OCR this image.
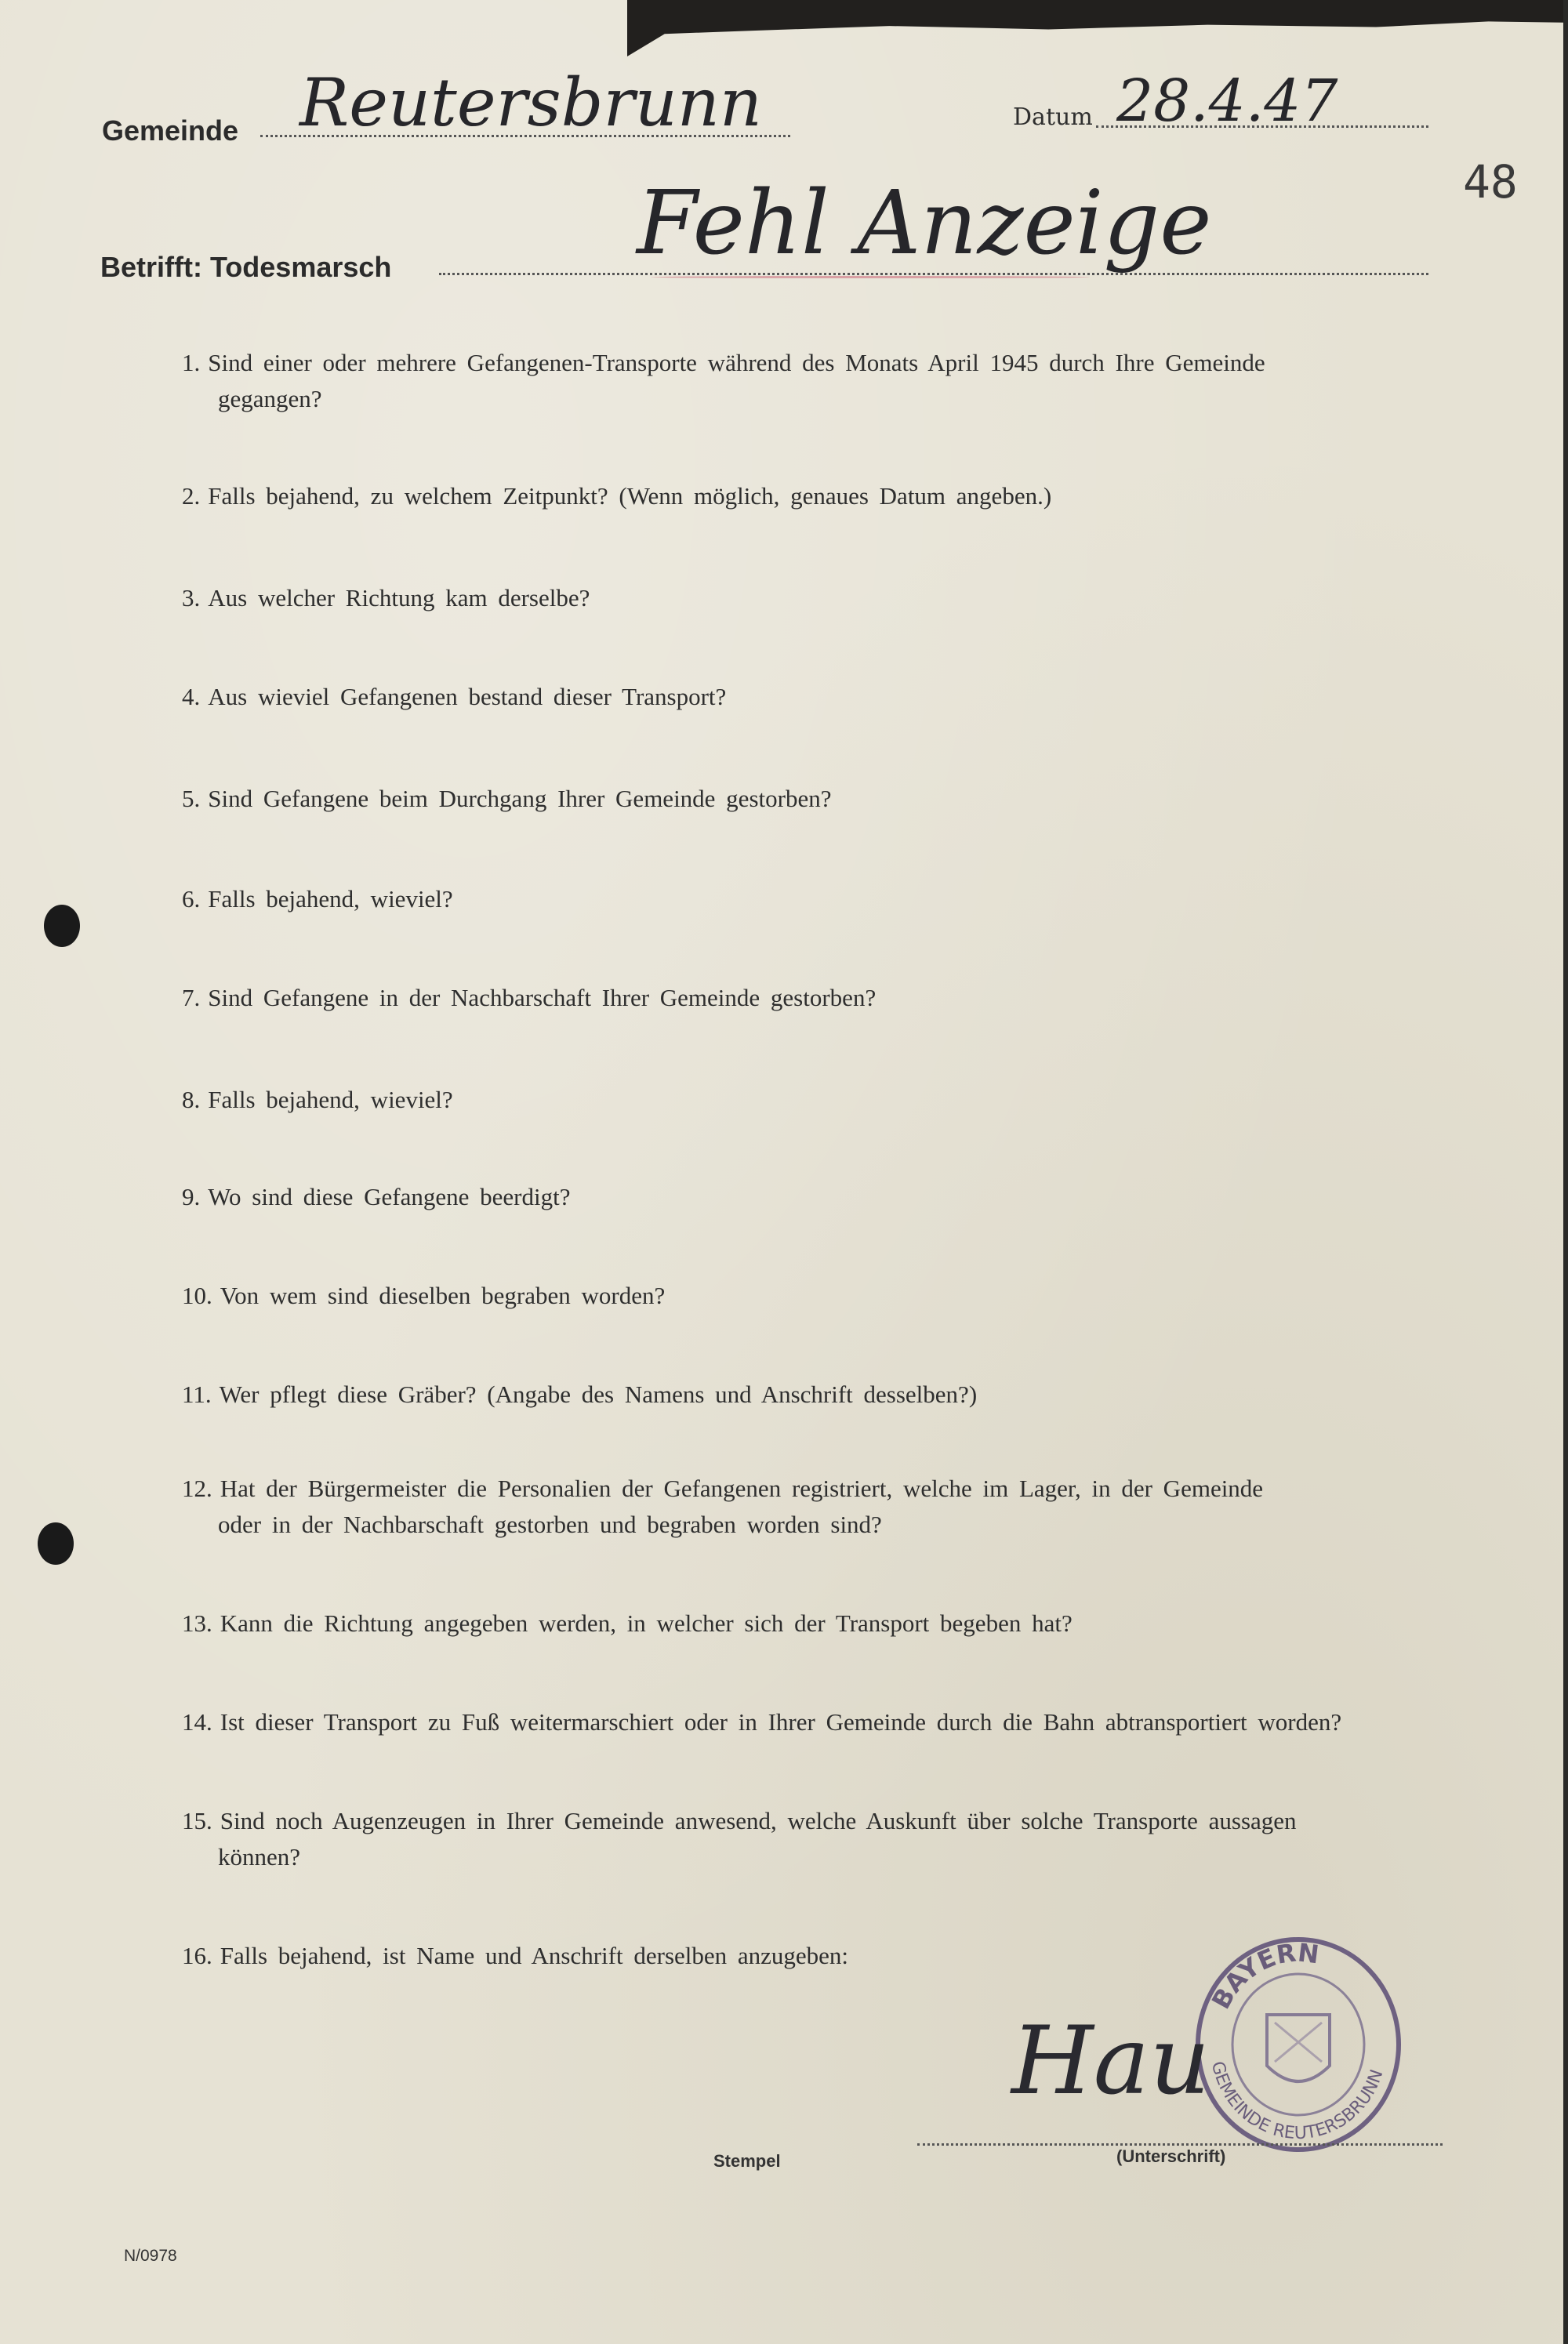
Gemeinde Reutersbrunn	Datum 28.4.47
48
Betrifft: Todesmarsch	Fehl Anzeige
1. Sind einer oder mehrere Gefangenen-Transporte während des Monats April 1945 durch Ihre Gemeinde
gegangen?
2. Falls bejahend, zu welchem Zeitpunkt? (Wenn möglich, genaues Datum angeben.)
3. Aus welcher Richtung kam derselbe?
4. Aus wieviel Gefangenen bestand dieser Transport?
5. Sind Gefangene beim Durchgang Ihrer Gemeinde gestorben?
6. Falls bejahend, wieviel?
7. Sind Gefangene in der Nachbarschaft Ihrer Gemeinde gestorben?
8. Falls bejahend, wieviel?
9. Wo sind diese Gefangene beerdigt?
10. Von wem sind dieselben begraben worden?
11. Wer pflegt diese Gräber? (Angabe des Namens und Anschrift desselben?)
12. Hat der Bürgermeister die Personalien der Gefangenen registriert, welche im Lager, in der Gemeinde
oder in der Nachbarschaft gestorben und begraben worden sind?
13. Kann die Richtung angegeben werden, in welcher sich der Transport begeben hat?
14. Ist dieser Transport zu Fuß weitermarschiert oder in Ihrer Gemeinde durch die Bahn abtransportiert worden?
15. Sind noch Augenzeugen in Ihrer Gemeinde anwesend, welche Auskunft über solche Transporte aussagen
können?
16. Falls bejahend, ist Name und Anschrift derselben anzugeben:
BAYERN
GEMEINDE REUTERSBRUNN
Hau
Stempel	(Unterschrift)
N/0978
